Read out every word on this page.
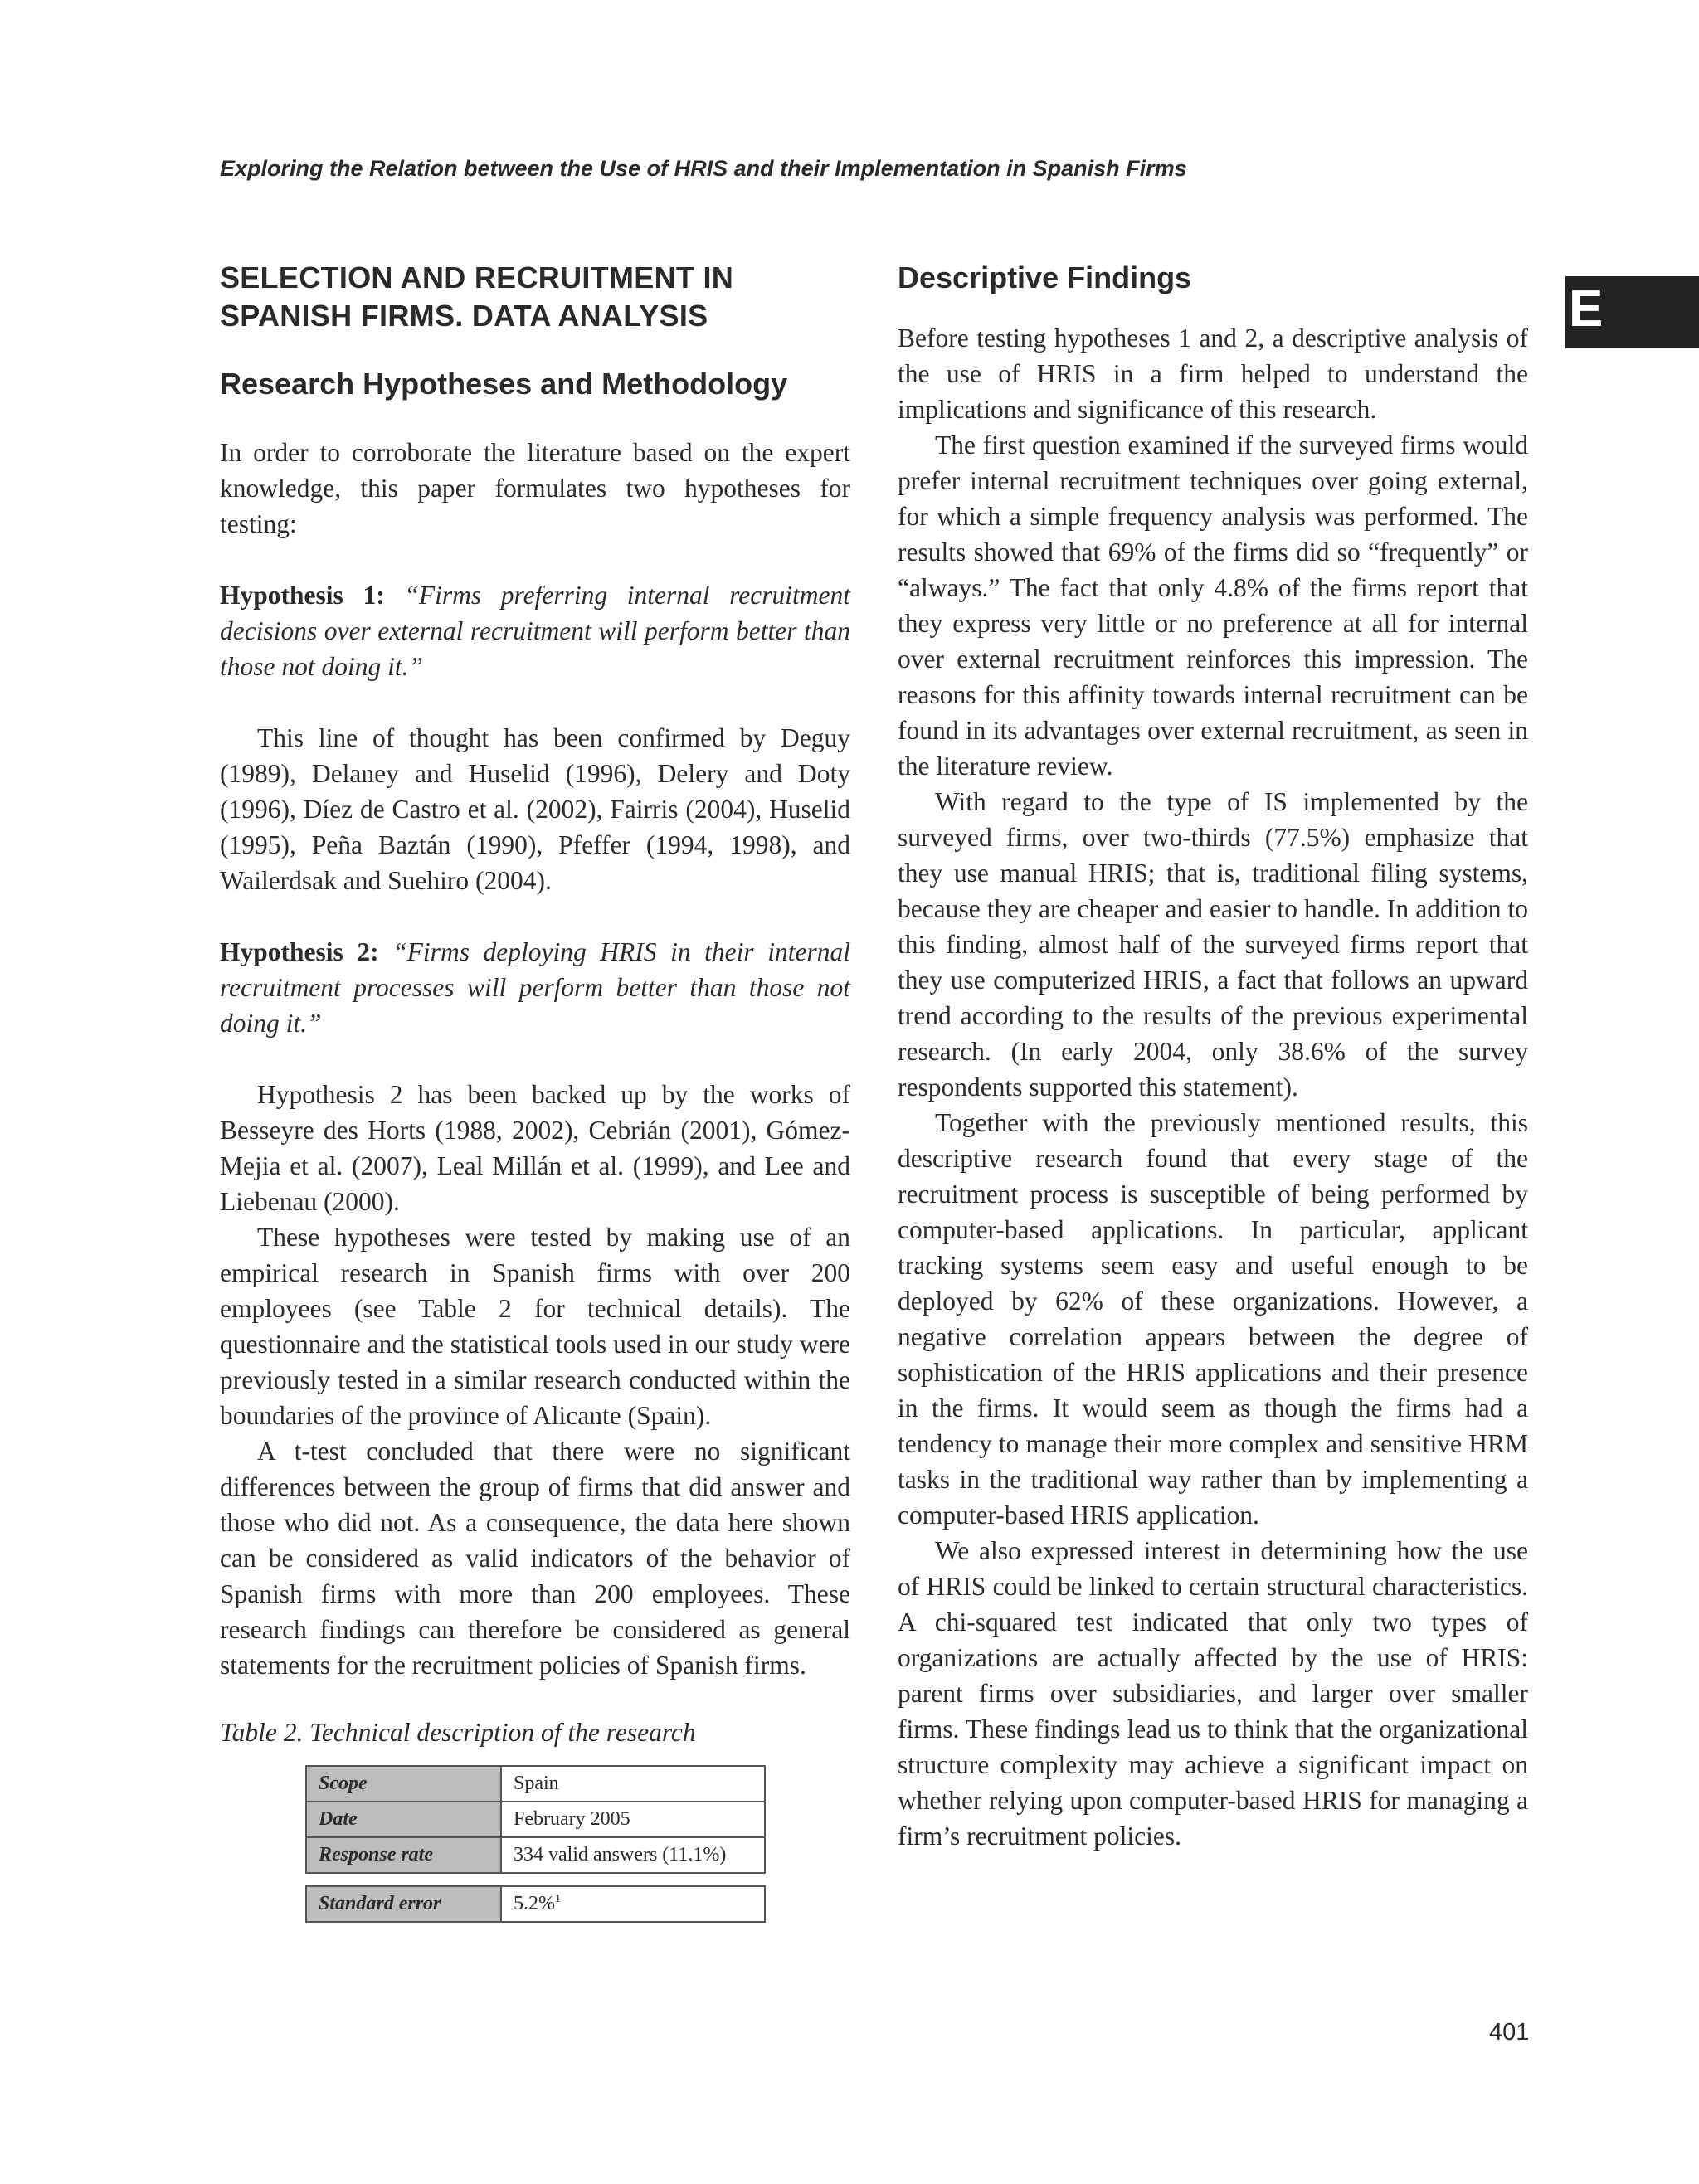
Exploring the Relation between the Use of HRIS and their Implementation in Spanish Firms
E
SELECTION AND RECRUITMENT IN
SPANISH FIRMS. DATA ANALYSIS
Research Hypotheses and Methodology

In order to corroborate the literature based on the expert knowledge, this paper formulates two hypotheses for testing:

Hypothesis 1: “Firms preferring internal recruitment decisions over external recruitment will perform better than those not doing it.”

This line of thought has been confirmed by Deguy (1989), Delaney and Huselid (1996), Delery and Doty (1996), Díez de Castro et al. (2002), Fairris (2004), Huselid (1995), Peña Baztán (1990), Pfeffer (1994, 1998), and Wailerdsak and Suehiro (2004).

Hypothesis 2: “Firms deploying HRIS in their internal recruitment processes will perform better than those not doing it.”

Hypothesis 2 has been backed up by the works of Besseyre des Horts (1988, 2002), Cebrián (2001), Gómez-Mejia et al. (2007), Leal Millán et al. (1999), and Lee and Liebenau (2000).

These hypotheses were tested by making use of an empirical research in Spanish firms with over 200 employees (see Table 2 for technical details). The questionnaire and the statistical tools used in our study were previously tested in a similar research conducted within the boundaries of the province of Alicante (Spain).

A t-test concluded that there were no significant differences between the group of firms that did answer and those who did not. As a consequence, the data here shown can be considered as valid indicators of the behavior of Spanish firms with more than 200 employees. These research findings can therefore be considered as general statements for the recruitment policies of Spanish firms.

Table 2. Technical description of the research

Scope	Spain
Date	February 2005
Response rate	334 valid answers (11.1%)
Standard error	5.2%$^1$
Descriptive Findings

Before testing hypotheses 1 and 2, a descriptive analysis of the use of HRIS in a firm helped to understand the implications and significance of this research.

The first question examined if the surveyed firms would prefer internal recruitment techniques over going external, for which a simple frequency analysis was performed. The results showed that 69% of the firms did so “frequently” or “always.” The fact that only 4.8% of the firms report that they express very little or no preference at all for internal over external recruitment reinforces this impression. The reasons for this affinity towards internal recruitment can be found in its advantages over external recruitment, as seen in the literature review.

With regard to the type of IS implemented by the surveyed firms, over two-thirds (77.5%) emphasize that they use manual HRIS; that is, traditional filing systems, because they are cheaper and easier to handle. In addition to this finding, almost half of the surveyed firms report that they use computerized HRIS, a fact that follows an upward trend according to the results of the previous experimental research. (In early 2004, only 38.6% of the survey respondents supported this statement).

Together with the previously mentioned results, this descriptive research found that every stage of the recruitment process is susceptible of being performed by computer-based applications. In particular, applicant tracking systems seem easy and useful enough to be deployed by 62% of these organizations. However, a negative correlation appears between the degree of sophistication of the HRIS applications and their presence in the firms. It would seem as though the firms had a tendency to manage their more complex and sensitive HRM tasks in the traditional way rather than by implementing a computer-based HRIS application.

We also expressed interest in determining how the use of HRIS could be linked to certain structural characteristics. A chi-squared test indicated that only two types of organizations are actually affected by the use of HRIS: parent firms over subsidiaries, and larger over smaller firms. These findings lead us to think that the organizational structure complexity may achieve a significant impact on whether relying upon computer-based HRIS for managing a firm’s recruitment policies.

401
